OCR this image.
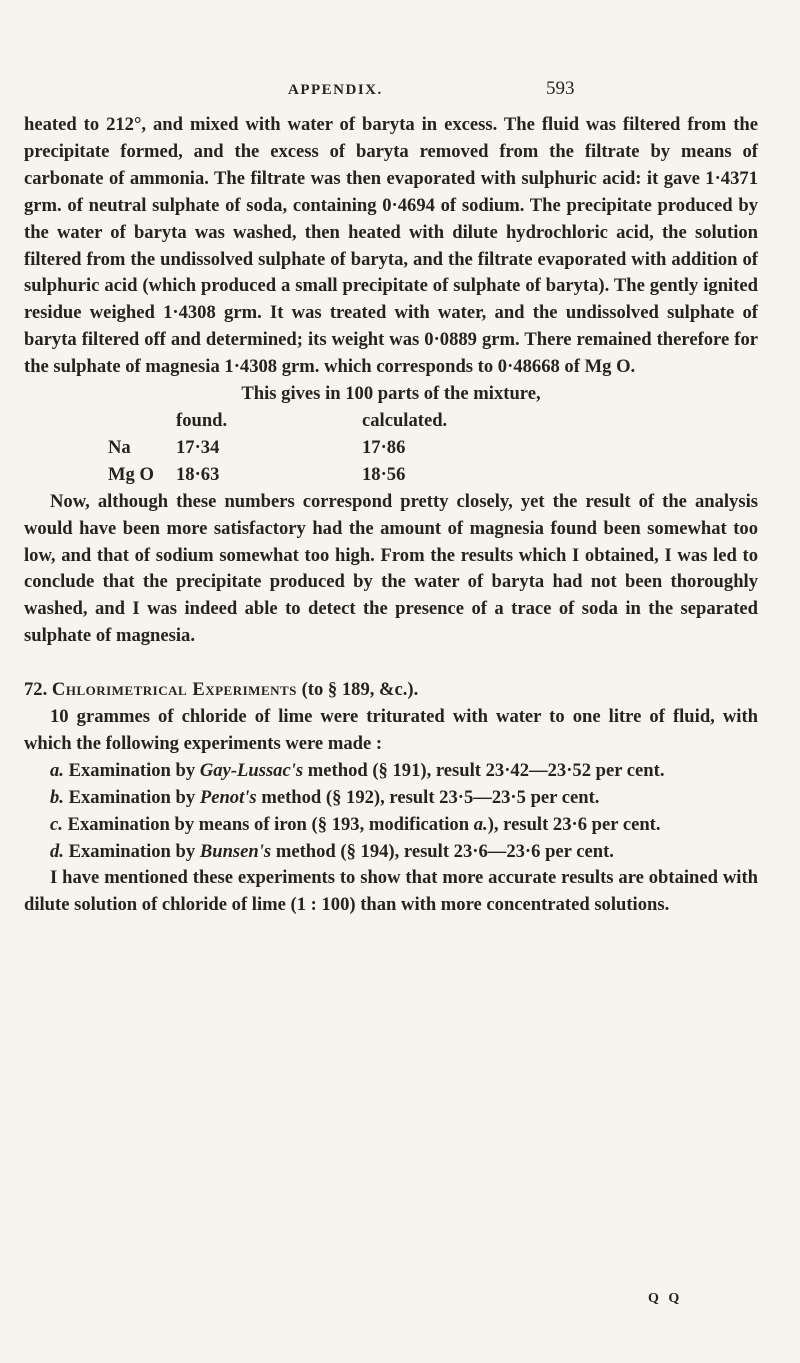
APPENDIX.	593

heated to 212°, and mixed with water of baryta in excess. The fluid was filtered from the precipitate formed, and the excess of baryta removed from the filtrate by means of carbonate of ammonia. The filtrate was then evaporated with sulphuric acid: it gave 1·4371 grm. of neutral sulphate of soda, containing 0·4694 of sodium. The precipitate produced by the water of baryta was washed, then heated with dilute hydrochloric acid, the solution filtered from the undissolved sulphate of baryta, and the filtrate evaporated with addition of sulphuric acid (which produced a small precipitate of sulphate of baryta). The gently ignited residue weighed 1·4308 grm. It was treated with water, and the undissolved sulphate of baryta filtered off and determined; its weight was 0·0889 grm. There remained therefore for the sulphate of magnesia 1·4308 grm. which corresponds to 0·48668 of Mg O.

This gives in 100 parts of the mixture,

	found.	calculated.
Na	17·34	17·86
Mg O	18·63	18·56

Now, although these numbers correspond pretty closely, yet the result of the analysis would have been more satisfactory had the amount of magnesia found been somewhat too low, and that of sodium somewhat too high. From the results which I obtained, I was led to conclude that the precipitate produced by the water of baryta had not been thoroughly washed, and I was indeed able to detect the presence of a trace of soda in the separated sulphate of magnesia.

72. Chlorimetrical Experiments (to § 189, &c.).

10 grammes of chloride of lime were triturated with water to one litre of fluid, with which the following experiments were made :

a. Examination by Gay-Lussac's method (§ 191), result 23·42—23·52 per cent.

b. Examination by Penot's method (§ 192), result 23·5—23·5 per cent.

c. Examination by means of iron (§ 193, modification a.), result 23·6 per cent.

d. Examination by Bunsen's method (§ 194), result 23·6—23·6 per cent.

I have mentioned these experiments to show that more accurate results are obtained with dilute solution of chloride of lime (1 : 100) than with more concentrated solutions.

Q Q
